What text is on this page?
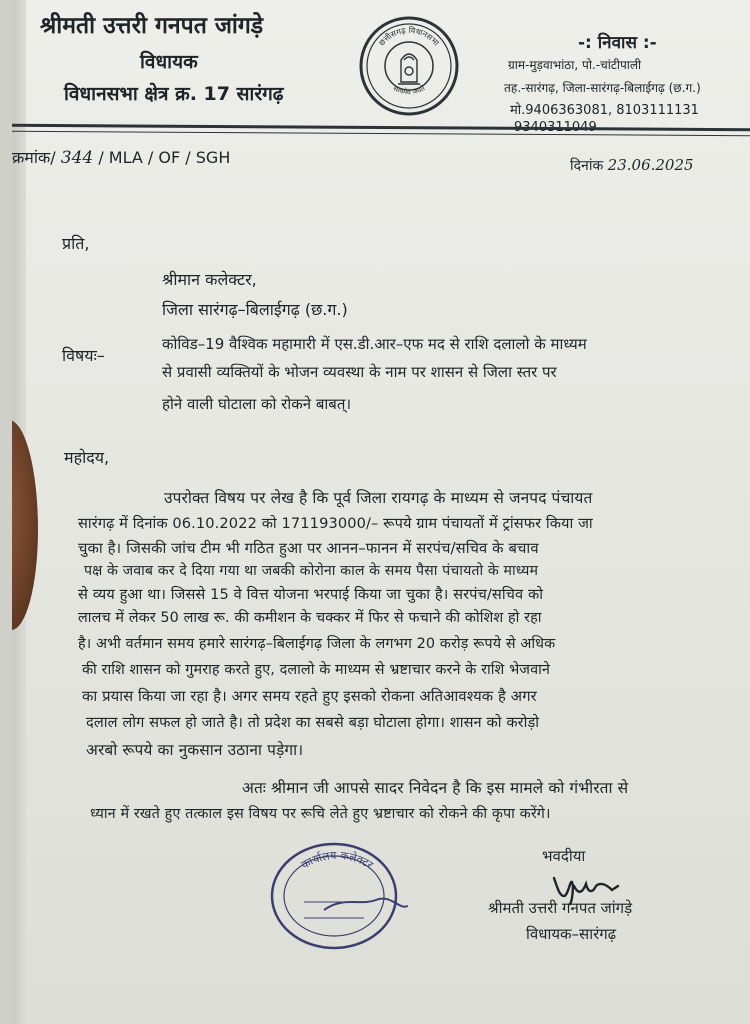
श्रीमती उत्तरी गनपत जांगड़े
विधायक
विधानसभा क्षेत्र क्र. 17 सारंगढ़
छत्तीसगढ़ विधानसभा
सत्यमेव जयते
-: निवास :-
ग्राम-मुड़वाभांठा, पो.-चांटीपाली
तह.-सारंगढ़, जिला-सारंगढ़-बिलाईगढ़ (छ.ग.)
मो.9406363081, 8103111131
क्रमांक/ 344 / MLA / OF / SGH	दिनांक 23.06.2025
प्रति,
श्रीमान कलेक्टर,
जिला सारंगढ़–बिलाईगढ़ (छ.ग.)
विषयः–
कोविड–19 वैश्विक महामारी में एस.डी.आर–एफ मद से राशि दलालो के माध्यम
से प्रवासी व्यक्तियों के भोजन व्यवस्था के नाम पर शासन से जिला स्तर पर
होने वाली घोटाला को रोकने बाबत्।
महोदय,
उपरोक्त विषय पर लेख है कि पूर्व जिला रायगढ़ के माध्यम से जनपद पंचायत
सारंगढ़ में दिनांक 06.10.2022 को 171193000/– रूपये ग्राम पंचायतों में ट्रांसफर किया जा
चुका है। जिसकी जांच टीम भी गठित हुआ पर आनन–फानन में सरपंच/सचिव के बचाव
पक्ष के जवाब कर दे दिया गया था जबकी कोरोना काल के समय पैसा पंचायतो के माध्यम
से व्यय हुआ था। जिससे 15 वे वित्त योजना भरपाई किया जा चुका है। सरपंच/सचिव को
लालच में लेकर 50 लाख रू. की कमीशन के चक्कर में फिर से फचाने की कोशिश हो रहा
है। अभी वर्तमान समय हमारे सारंगढ़–बिलाईगढ़ जिला के लगभग 20 करोड़ रूपये से अधिक
की राशि शासन को गुमराह करते हुए, दलालो के माध्यम से भ्रष्टाचार करने के राशि भेजवाने
का प्रयास किया जा रहा है। अगर समय रहते हुए इसको रोकना अतिआवश्यक है अगर
दलाल लोग सफल हो जाते है। तो प्रदेश का सबसे बड़ा घोटाला होगा। शासन को करोड़ो
अरबो रूपये का नुकसान उठाना पड़ेगा।
अतः श्रीमान जी आपसे सादर निवेदन है कि इस मामले को गंभीरता से
ध्यान में रखते हुए तत्काल इस विषय पर रूचि लेते हुए भ्रष्टाचार को रोकने की कृपा करेंगे।
कार्यालय कलेक्टर
भवदीया
श्रीमती उत्तरी गनपत जांगड़े
विधायक–सारंगढ़
